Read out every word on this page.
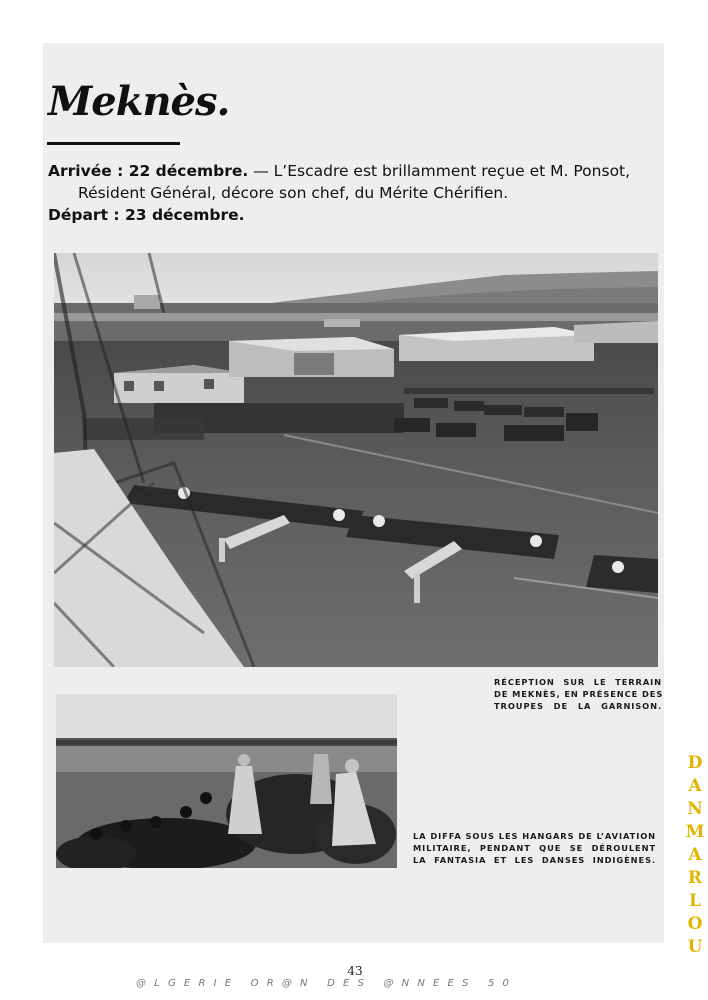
Meknès.
Arrivée : 22 décembre. — L’Escadre est brillamment reçue et M. Ponsot,
Résident Général, décore son chef, du Mérite Chérifien.
Départ : 23 décembre.
RÉCEPTION SUR LE TERRAIN
DE MEKNÈS, EN PRÉSENCE DES
TROUPES DE LA GARNISON.
LA DIFFA SOUS LES HANGARS DE L’AVIATION
MILITAIRE, PENDANT QUE SE DÉROULENT
LA FANTASIA ET LES DANSES INDIGÈNES.
43
@LGERIE OR@N DES @NNEES 50
D
A
N
M
A
R
L
O
U
